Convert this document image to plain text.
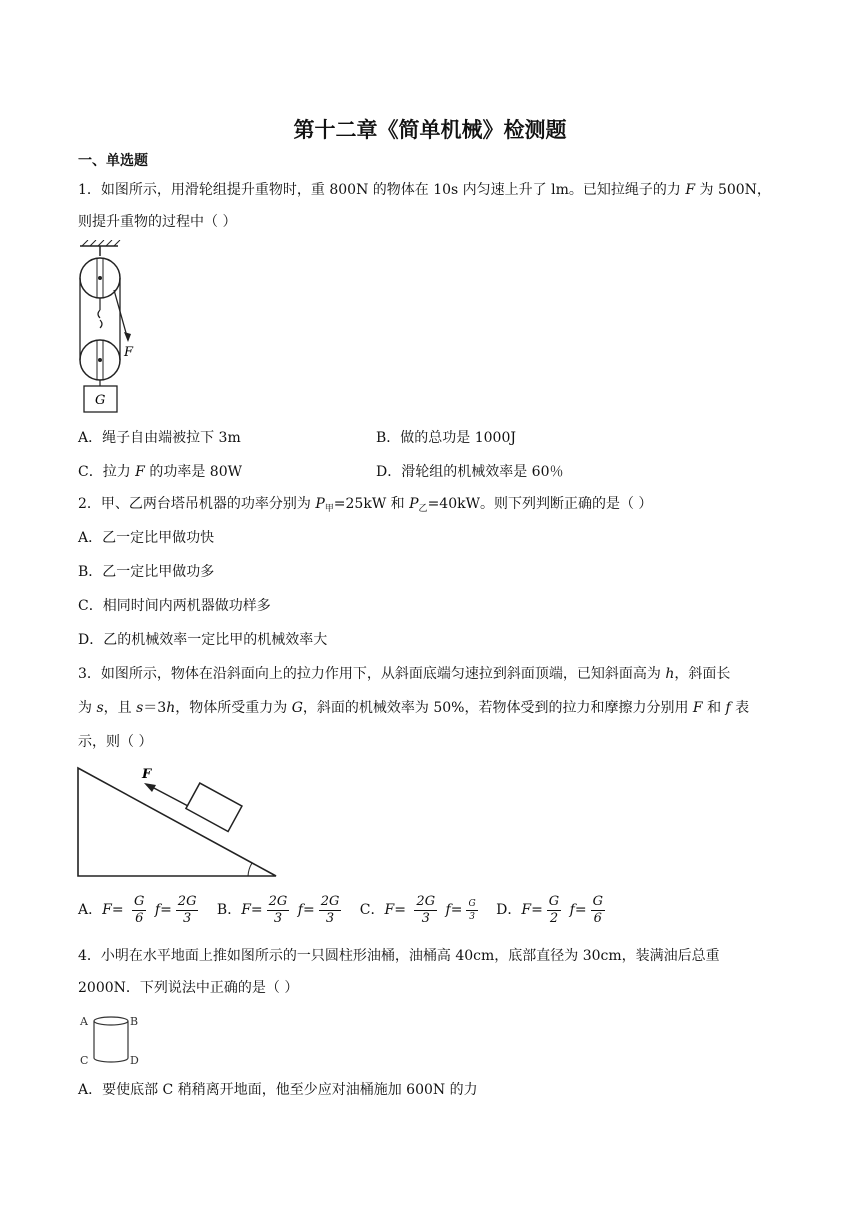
第十二章《简单机械》检测题
一、单选题
1．如图所示，用滑轮组提升重物时，重 800N 的物体在 10s 内匀速上升了 lm。已知拉绳子的力 F 为 500N，
则提升重物的过程中（ ）
F
G
A．绳子自由端被拉下 3m	B．做的总功是 1000J
C．拉力 F 的功率是 80W	D．滑轮组的机械效率是 60％
2．甲、乙两台塔吊机器的功率分别为 $P_甲=25kW$ 和 $P_乙=40kW$。则下列判断正确的是（ ）
A．乙一定比甲做功快
B．乙一定比甲做功多
C．相同时间内两机器做功样多
D．乙的机械效率一定比甲的机械效率大
3．如图所示，物体在沿斜面向上的拉力作用下，从斜面底端匀速拉到斜面顶端，已知斜面高为 h，斜面长
为 s，且 s＝3h，物体所受重力为 G，斜面的机械效率为 50%，若物体受到的拉力和摩擦力分别用 F 和 f 表
示，则（ ）
F
A．$F= \frac{G}{6} f= \frac{2G}{3}$ B．$F= \frac{2G}{3} f= \frac{2G}{3}$ C．$F= \frac{2G}{3} f= \frac{G}{3}$ D．$F= \frac{G}{2} f= \frac{G}{6}$
4．小明在水平地面上推如图所示的一只圆柱形油桶，油桶高 40cm，底部直径为 30cm，装满油后总重
2000N．下列说法中正确的是（ ）
A	B
C	D
A．要使底部 C 稍稍离开地面，他至少应对油桶施加 600N 的力
